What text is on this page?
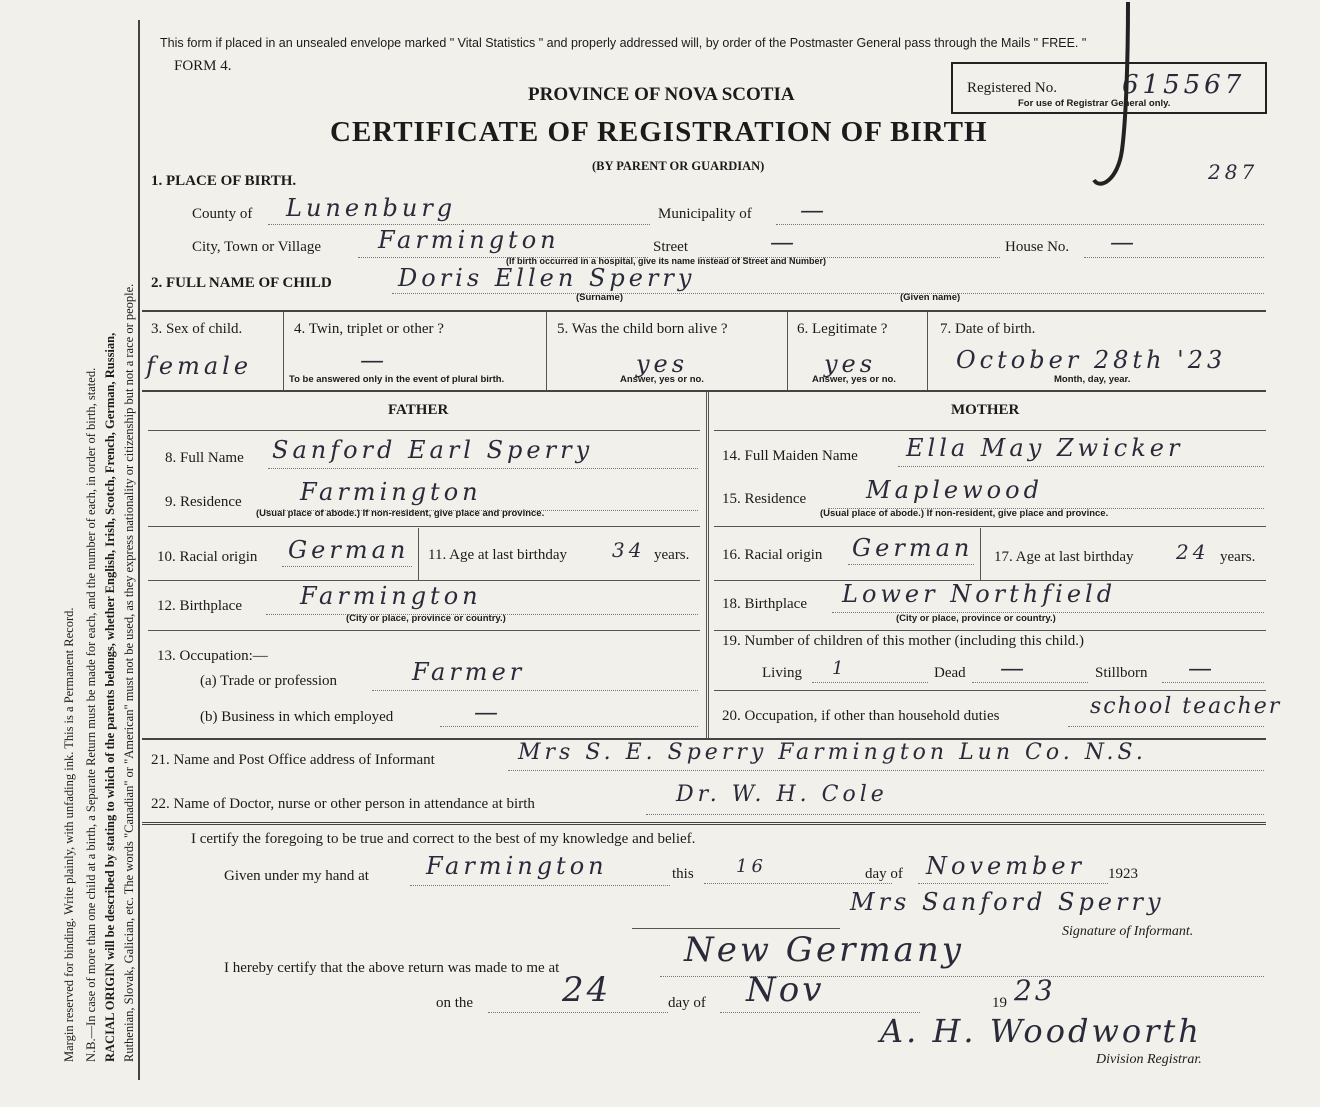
Margin reserved for binding. Write plainly, with unfading ink. This is a Permanent Record. N.B.—In case of more than one child at a birth, a Separate Return must be made for each, and the number of each, in order of birth, stated. RACIAL ORIGIN will be described by stating to which of the parents belongs, whether English, Irish, Scotch, French, German, Russian, Ruthenian, Slovak, Galician, etc. The words "Canadian" or "American" must not be used, as they express nationality or citizenship but not a race or people.
This form if placed in an unsealed envelope marked " Vital Statistics " and properly addressed will, by order of the Postmaster General pass through the Mails " FREE. "
FORM 4.
PROVINCE OF NOVA SCOTIA
CERTIFICATE OF REGISTRATION OF BIRTH
(BY PARENT OR GUARDIAN)
Registered No.	615567
For use of Registrar General only.
287
1. PLACE OF BIRTH.
County of Lunenburg	Municipality of —
City, Town or Village Farmington	Street	—	House No. —
(If birth occurred in a hospital, give its name instead of Street and Number)
2. FULL NAME OF CHILD	Doris Ellen Sperry
(Surname)	(Given name)
3. Sex of child.
female
4. Twin, triplet or other ?
—
To be answered only in the event of plural birth.
5. Was the child born alive ?
yes
Answer, yes or no.
6. Legitimate ?
yes
Answer, yes or no.
7. Date of birth.
October 28th '23
Month, day, year.
FATHER	MOTHER
8. Full Name Sanford Earl Sperry
9. Residence Farmington
(Usual place of abode.) If non-resident, give place and province.
10. Racial origin German 11. Age at last birthday 34 years.
12. Birthplace Farmington
(City or place, province or country.)
13. Occupation:—
(a) Trade or profession	Farmer
(b) Business in which employed	—
14. Full Maiden Name Ella May Zwicker
15. Residence Maplewood
(Usual place of abode.) If non-resident, give place and province.
16. Racial origin German 17. Age at last birthday 24 years.
18. Birthplace Lower Northfield
(City or place, province or country.)
19. Number of children of this mother (including this child.)
Living 1	Dead —	Stillborn —
20. Occupation, if other than household duties	school teacher
21. Name and Post Office address of Informant	Mrs S. E. Sperry Farmington Lun Co. N.S.
22. Name of Doctor, nurse or other person in attendance at birth	Dr. W. H. Cole
I certify the foregoing to be true and correct to the best of my knowledge and belief.
Given under my hand at Farmington	this 16	day of November 1923
Mrs Sanford Sperry
Signature of Informant.
I hereby certify that the above return was made to me at	New Germany
on the	24	day of Nov	19 23
A. H. Woodworth
Division Registrar.
